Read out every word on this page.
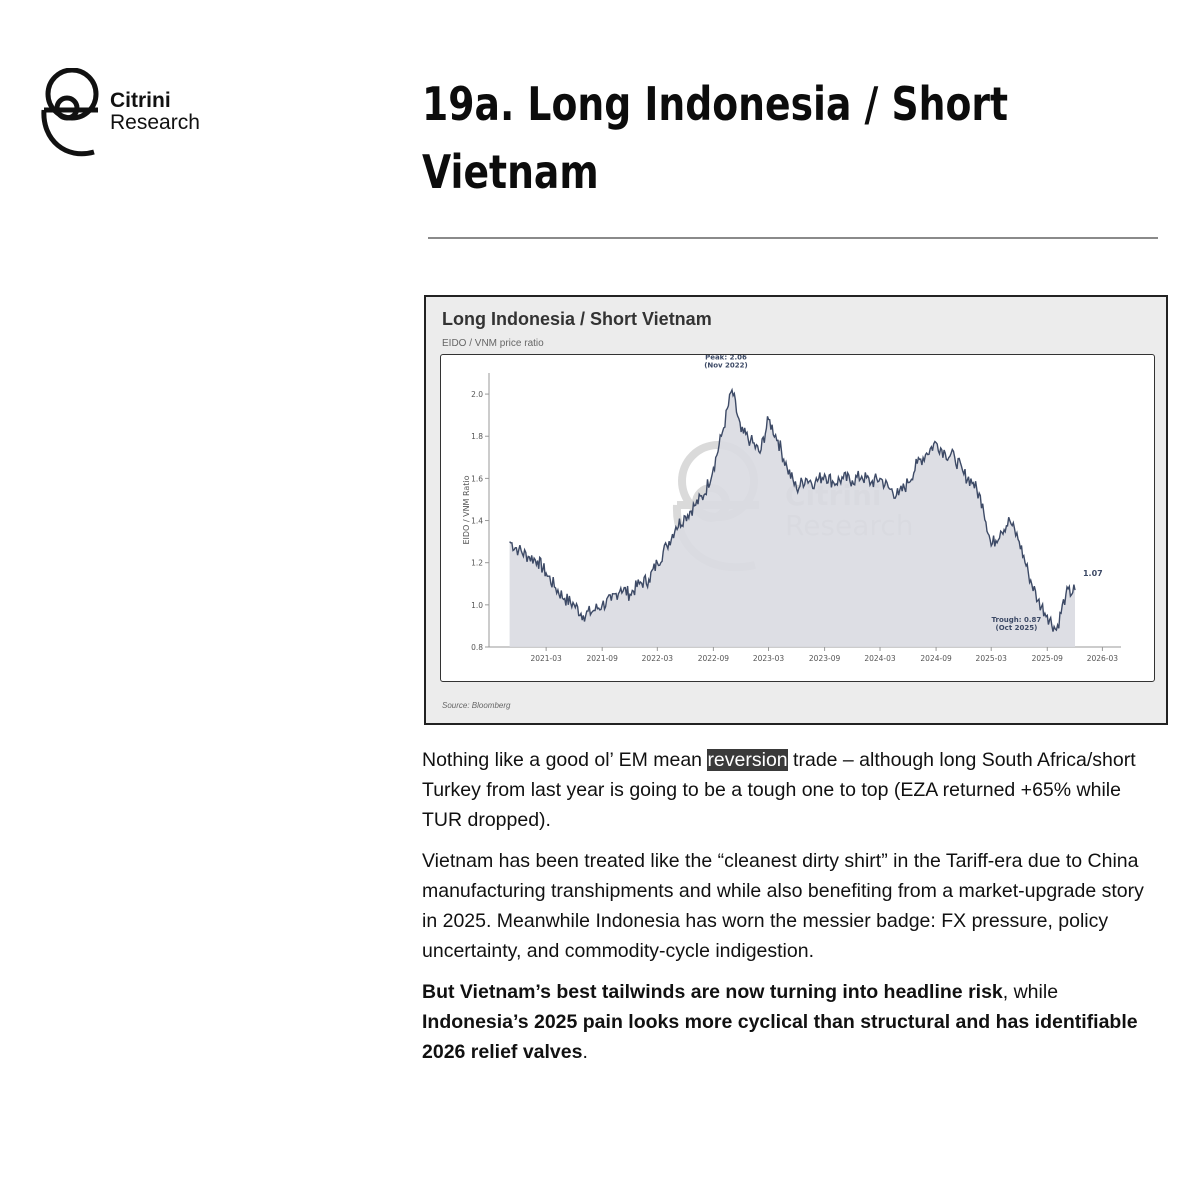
Citrini
Research	19a. Long Indonesia / Short Vietnam
Long Indonesia / Short Vietnam
EIDO / VNM price ratio
EIDO / VNM Ratio
0.8
1.0
1.2
1.4
1.6
1.8
2.0
2021-03	2021-09	2022-03	2022-09	2023-03	2023-09	2024-03	2024-09	2025-03	2025-09	2026-03
Peak: 2.06
(Nov 2022)
Trough: 0.87
(Oct 2025)
1.07
Source: Bloomberg

Nothing like a good ol’ EM mean reversion trade – although long South Africa/short Turkey from last year is going to be a tough one to top (EZA returned +65% while TUR dropped).

Vietnam has been treated like the “cleanest dirty shirt” in the Tariff-era due to China manufacturing transhipments and while also benefiting from a market-upgrade story in 2025. Meanwhile Indonesia has worn the messier badge: FX pressure, policy uncertainty, and commodity-cycle indigestion.

But Vietnam’s best tailwinds are now turning into headline risk, while Indonesia’s 2025 pain looks more cyclical than structural and has identifiable 2026 relief valves.
